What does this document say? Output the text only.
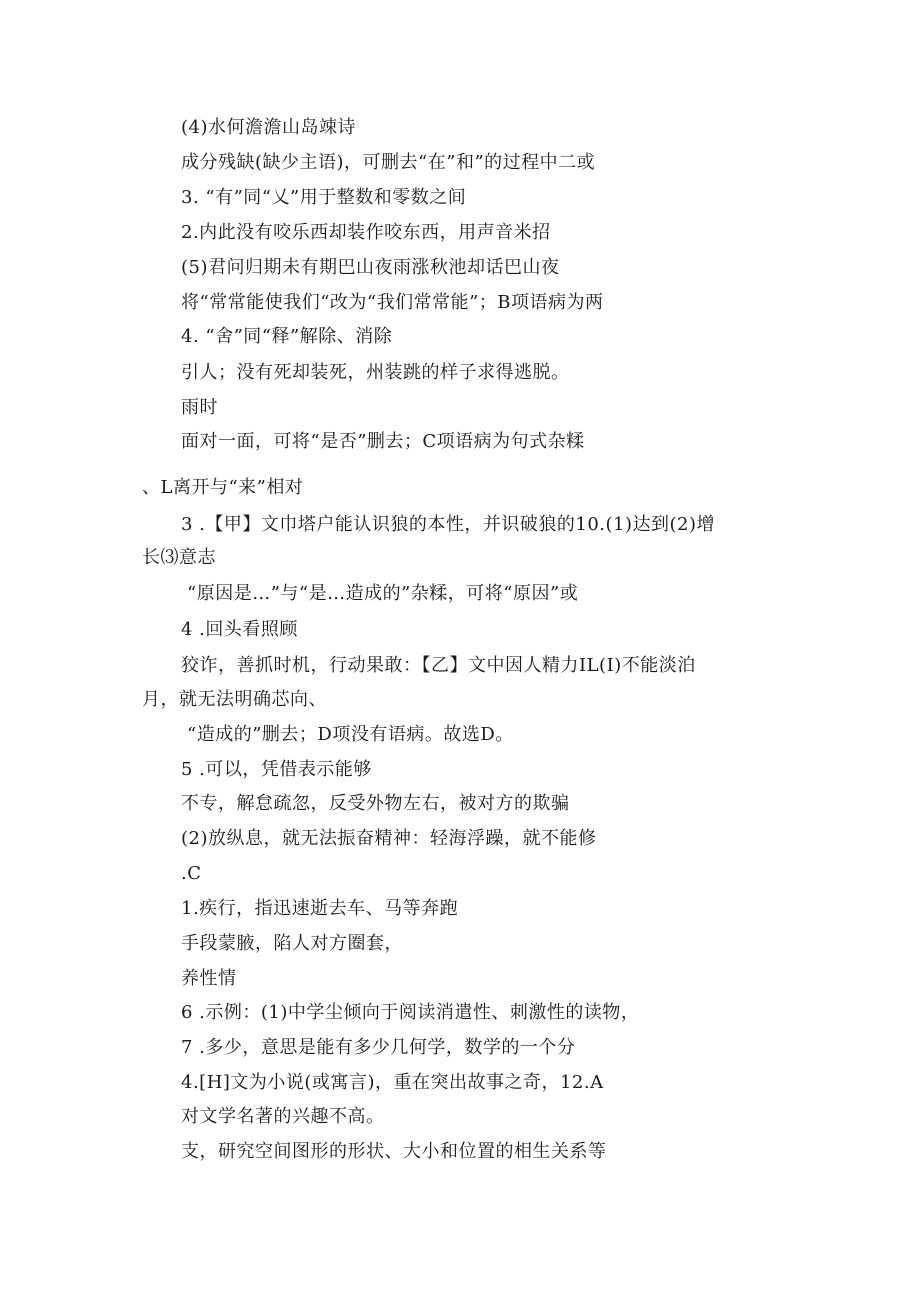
(4)水何澹澹山岛竦诗
成分残缺(缺少主语)，可删去“在”和”的过程中二或
3. “有”同“乂”用于整数和零数之间
2.内此没有咬乐西却装作咬东西，用声音米招
(5)君问归期未有期巴山夜雨涨秋池却话巴山夜
将“常常能使我们“改为“我们常常能”；B项语病为两
4. “舍”同“释”解除、消除
引人；没有死却装死，州装跳的样子求得逃脱。
雨时
面对一面，可将“是否”删去；C项语病为句式杂糅
、L离开与“来”相对
3 .【甲】文巾塔户能认识狼的本性，并识破狼的10.(1)达到(2)增
长⑶意志
“原因是…”与“是…造成的”杂糅，可将“原因”或
4 .回头看照顾
狡诈，善抓时机，行动果敢：【乙】文中因人精力IL(I)不能淡泊
月，就无法明确芯向、
“造成的”删去；D项没有语病。故选D。
5 .可以，凭借表示能够
不专，解怠疏忽，反受外物左右，被对方的欺骗
(2)放纵息，就无法振奋精神：轻海浮躁，就不能修
.C
1.疾行，指迅速逝去车、马等奔跑
手段蒙腋，陷人对方圈套，
养性情
6 .示例：(1)中学尘倾向于阅读消遣性、刺激性的读物，
7 .多少，意思是能有多少几何学，数学的一个分
4.[H]文为小说(或寓言)，重在突出故事之奇，12.A
对文学名著的兴趣不高。
支，研究空间图形的形状、大小和位置的相生关系等
